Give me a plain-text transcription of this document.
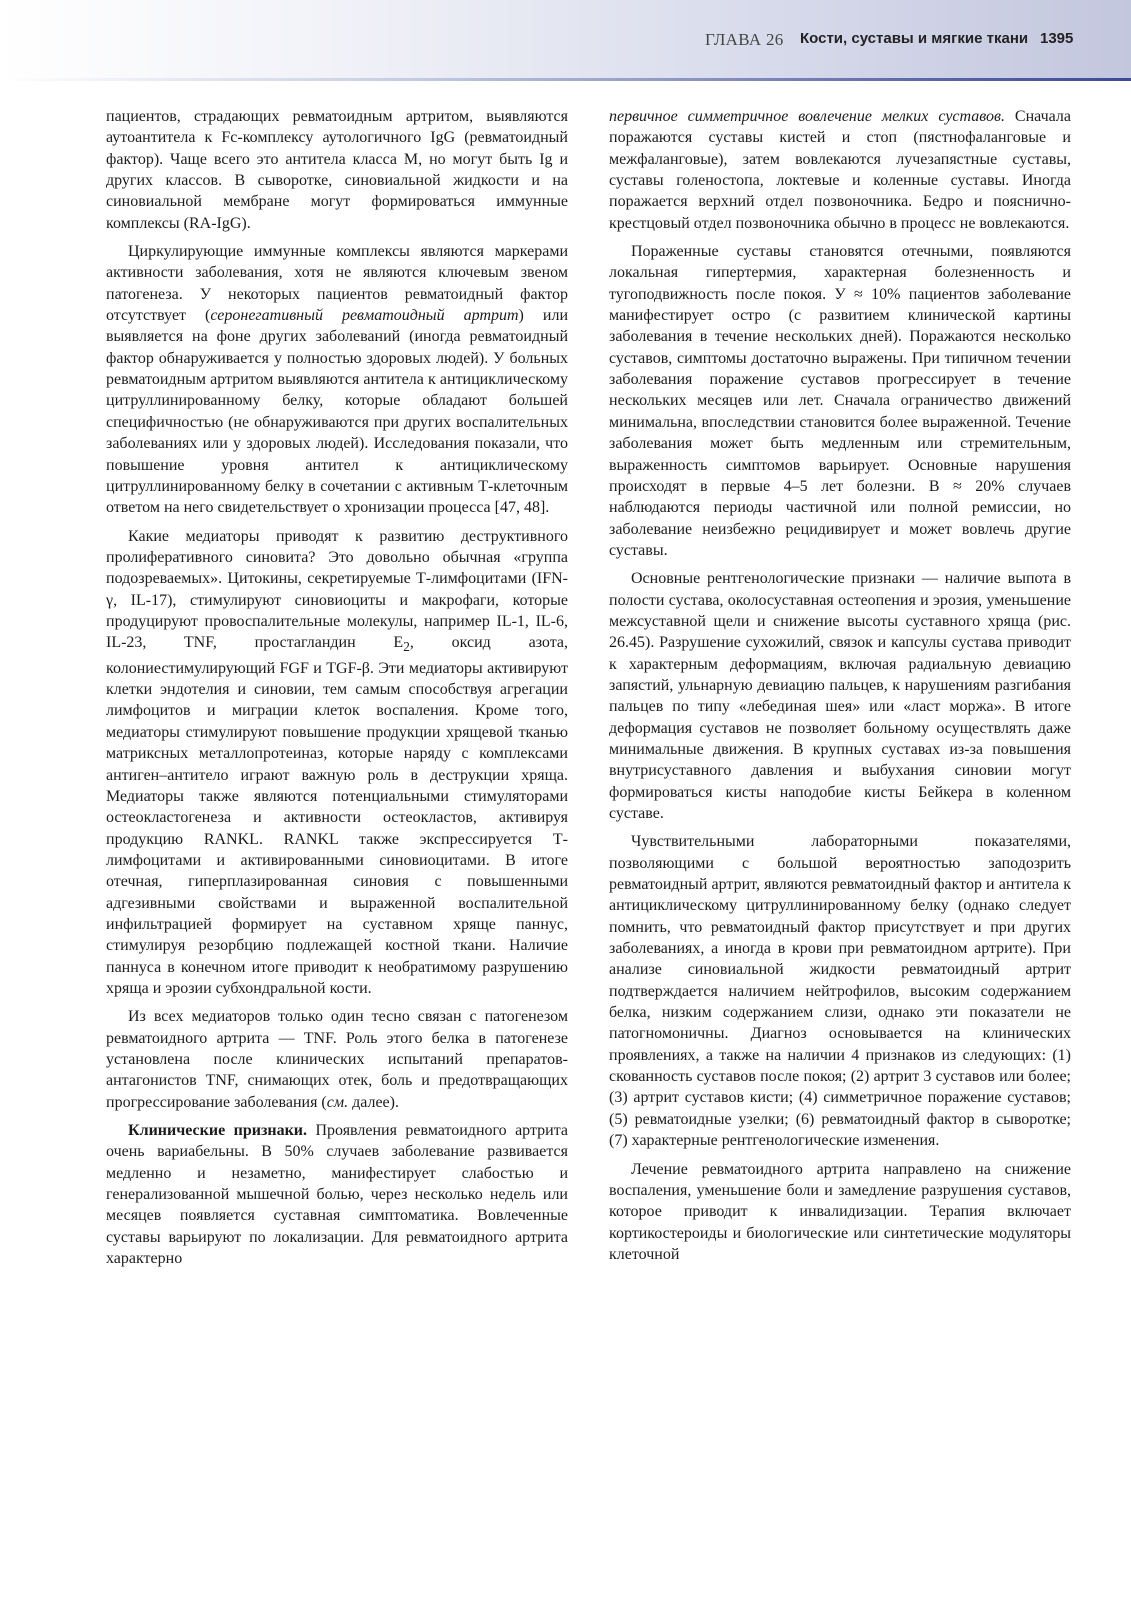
ГЛАВА 26 Кости, суставы и мягкие ткани 1395

пациентов, страдающих ревматоидным артритом, выявляются аутоантитела к Fc-комплексу аутологичного IgG (ревматоидный фактор). Чаще всего это антитела класса М, но могут быть Ig и других классов. В сыворотке, синовиальной жидкости и на синовиальной мембране могут формироваться иммунные комплексы (RA-IgG).

Циркулирующие иммунные комплексы являются маркерами активности заболевания, хотя не являются ключевым звеном патогенеза. У некоторых пациентов ревматоидный фактор отсутствует (серонегативный ревматоидный артрит) или выявляется на фоне других заболеваний (иногда ревматоидный фактор обнаруживается у полностью здоровых людей). У больных ревматоидным артритом выявляются антитела к антициклическому цитруллинированному белку, которые обладают большей специфичностью (не обнаруживаются при других воспалительных заболеваниях или у здоровых людей). Исследования показали, что повышение уровня антител к антициклическому цитруллинированному белку в сочетании с активным Т-клеточным ответом на него свидетельствует о хронизации процесса [47, 48].

Какие медиаторы приводят к развитию деструктивного пролиферативного синовита? Это довольно обычная «группа подозреваемых». Цитокины, секретируемые Т-лимфоцитами (IFN-γ, IL-17), стимулируют синовиоциты и макрофаги, которые продуцируют провоспалительные молекулы, например IL-1, IL-6, IL-23, TNF, простагландин $E_2$, оксид азота, колониестимулирующий FGF и TGF-β. Эти медиаторы активируют клетки эндотелия и синовии, тем самым способствуя агрегации лимфоцитов и миграции клеток воспаления. Кроме того, медиаторы стимулируют повышение продукции хрящевой тканью матриксных металлопротеиназ, которые наряду с комплексами антиген–антитело играют важную роль в деструкции хряща. Медиаторы также являются потенциальными стимуляторами остеокластогенеза и активности остеокластов, активируя продукцию RANKL. RANKL также экспрессируется Т-лимфоцитами и активированными синовиоцитами. В итоге отечная, гиперплазированная синовия с повышенными адгезивными свойствами и выраженной воспалительной инфильтрацией формирует на суставном хряще паннус, стимулируя резорбцию подлежащей костной ткани. Наличие паннуса в конечном итоге приводит к необратимому разрушению хряща и эрозии субхондральной кости.

Из всех медиаторов только один тесно связан с патогенезом ревматоидного артрита — TNF. Роль этого белка в патогенезе установлена после клинических испытаний препаратов-антагонистов TNF, снимающих отек, боль и предотвращающих прогрессирование заболевания (см. далее).

Клинические признаки. Проявления ревматоидного артрита очень вариабельны. В 50% случаев заболевание развивается медленно и незаметно, манифестирует слабостью и генерализованной мышечной болью, через несколько недель или месяцев появляется суставная симптоматика. Вовлеченные суставы варьируют по локализации. Для ревматоидного артрита характерно

первичное симметричное вовлечение мелких суставов. Сначала поражаются суставы кистей и стоп (пястнофаланговые и межфаланговые), затем вовлекаются лучезапястные суставы, суставы голеностопа, локтевые и коленные суставы. Иногда поражается верхний отдел позвоночника. Бедро и пояснично-крестцовый отдел позвоночника обычно в процесс не вовлекаются.

Пораженные суставы становятся отечными, появляются локальная гипертермия, характерная болезненность и тугоподвижность после покоя. У ≈ 10% пациентов заболевание манифестирует остро (с развитием клинической картины заболевания в течение нескольких дней). Поражаются несколько суставов, симптомы достаточно выражены. При типичном течении заболевания поражение суставов прогрессирует в течение нескольких месяцев или лет. Сначала ограничество движений минимальна, впоследствии становится более выраженной. Течение заболевания может быть медленным или стремительным, выраженность симптомов варьирует. Основные нарушения происходят в первые 4–5 лет болезни. В ≈ 20% случаев наблюдаются периоды частичной или полной ремиссии, но заболевание неизбежно рецидивирует и может вовлечь другие суставы.

Основные рентгенологические признаки — наличие выпота в полости сустава, околосуставная остеопения и эрозия, уменьшение межсуставной щели и снижение высоты суставного хряща (рис. 26.45). Разрушение сухожилий, связок и капсулы сустава приводит к характерным деформациям, включая радиальную девиацию запястий, ульнарную девиацию пальцев, к нарушениям разгибания пальцев по типу «лебединая шея» или «ласт моржа». В итоге деформация суставов не позволяет больному осуществлять даже минимальные движения. В крупных суставах из-за повышения внутрисуставного давления и выбухания синовии могут формироваться кисты наподобие кисты Бейкера в коленном суставе.

Чувствительными лабораторными показателями, позволяющими с большой вероятностью заподозрить ревматоидный артрит, являются ревматоидный фактор и антитела к антициклическому цитруллинированному белку (однако следует помнить, что ревматоидный фактор присутствует и при других заболеваниях, а иногда в крови при ревматоидном артрите). При анализе синовиальной жидкости ревматоидный артрит подтверждается наличием нейтрофилов, высоким содержанием белка, низким содержанием слизи, однако эти показатели не патогномоничны. Диагноз основывается на клинических проявлениях, а также на наличии 4 признаков из следующих: (1) скованность суставов после покоя; (2) артрит 3 суставов или более; (3) артрит суставов кисти; (4) симметричное поражение суставов; (5) ревматоидные узелки; (6) ревматоидный фактор в сыворотке; (7) характерные рентгенологические изменения.

Лечение ревматоидного артрита направлено на снижение воспаления, уменьшение боли и замедление разрушения суставов, которое приводит к инвалидизации. Терапия включает кортикостероиды и биологические или синтетические модуляторы клеточной
